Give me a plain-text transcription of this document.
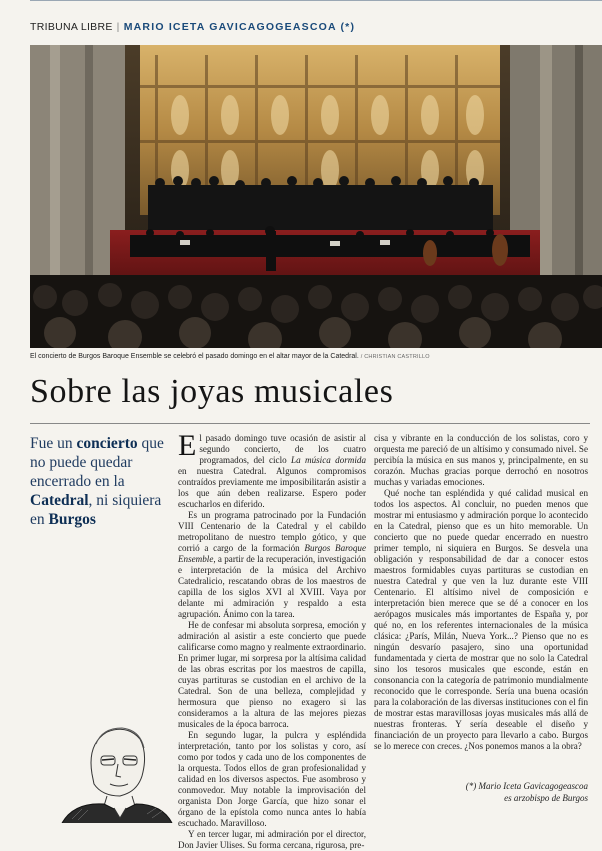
TRIBUNA LIBRE | MARIO ICETA GAVICAGOGEASCOA (*)
El concierto de Burgos Baroque Ensemble se celebró el pasado domingo en el altar mayor de la Catedral. / CHRISTIAN CASTRILLO
Sobre las joyas musicales
Fue un concierto que no puede quedar encerrado en la Catedral, ni siquiera en Burgos

El pasado domingo tuve ocasión de asistir al segundo concierto, de los cuatro programados, del ciclo La música dormida en nuestra Catedral. Algunos compromisos contraídos previamente me imposibilitarán asistir a los que aún deben realizarse. Espero poder escucharlos en diferido.

Es un programa patrocinado por la Fundación VIII Centenario de la Catedral y el cabildo metropolitano de nuestro templo gótico, y que corrió a cargo de la formación Burgos Baroque Ensemble, a partir de la recuperación, investigación e interpretación de la música del Archivo Catedralicio, rescatando obras de los maestros de capilla de los siglos XVI al XVIII. Vaya por delante mi admiración y respaldo a esta agrupación. Ánimo con la tarea.

He de confesar mi absoluta sorpresa, emoción y admiración al asistir a este concierto que puede calificarse como magno y realmente extraordinario. En primer lugar, mi sorpresa por la altísima calidad de las obras escritas por los maestros de capilla, cuyas partituras se custodian en el archivo de la Catedral. Son de una belleza, complejidad y hermosura que pienso no exagero si las consideramos a la altura de las mejores piezas musicales de la época barroca.

En segundo lugar, la pulcra y espléndida interpretación, tanto por los solistas y coro, así como por todos y cada uno de los componentes de la orquesta. Todos ellos de gran profesionalidad y calidad en los diversos aspectos. Fue asombroso y conmovedor. Muy notable la improvisación del organista Don Jorge García, que hizo sonar el órgano de la epístola como nunca antes lo había escuchado. Maravilloso.

Y en tercer lugar, mi admiración por el director, Don Javier Ulises. Su forma cercana, rigurosa, pre-

cisa y vibrante en la conducción de los solistas, coro y orquesta me pareció de un altísimo y consumado nivel. Se percibía la música en sus manos y, principalmente, en su corazón. Muchas gracias porque derrochó en nosotros muchas y variadas emociones.

Qué noche tan espléndida y qué calidad musical en todos los aspectos. Al concluir, no pueden menos que mostrar mi entusiasmo y admiración porque lo acontecido en la Catedral, pienso que es un hito memorable. Un concierto que no puede quedar encerrado en nuestro primer templo, ni siquiera en Burgos. Se desvela una obligación y responsabilidad de dar a conocer estos maestros formidables cuyas partituras se custodian en nuestra Catedral y que ven la luz durante este VIII Centenario. El altísimo nivel de composición e interpretación bien merece que se dé a conocer en los aerópagos musicales más importantes de España y, por qué no, en los referentes internacionales de la música clásica: ¿París, Milán, Nueva York...? Pienso que no es ningún desvarío pasajero, sino una oportunidad fundamentada y cierta de mostrar que no solo la Catedral sino los tesoros musicales que esconde, están en consonancia con la categoría de patrimonio mundialmente reconocido que le corresponde. Sería una buena ocasión para la colaboración de las diversas instituciones con el fin de mostrar estas maravillosas joyas musicales más allá de nuestras fronteras. Y sería deseable el diseño y financiación de un proyecto para llevarlo a cabo. Burgos se lo merece con creces. ¿Nos ponemos manos a la obra?

(*) Mario Iceta Gavicagogeascoa
es arzobispo de Burgos
